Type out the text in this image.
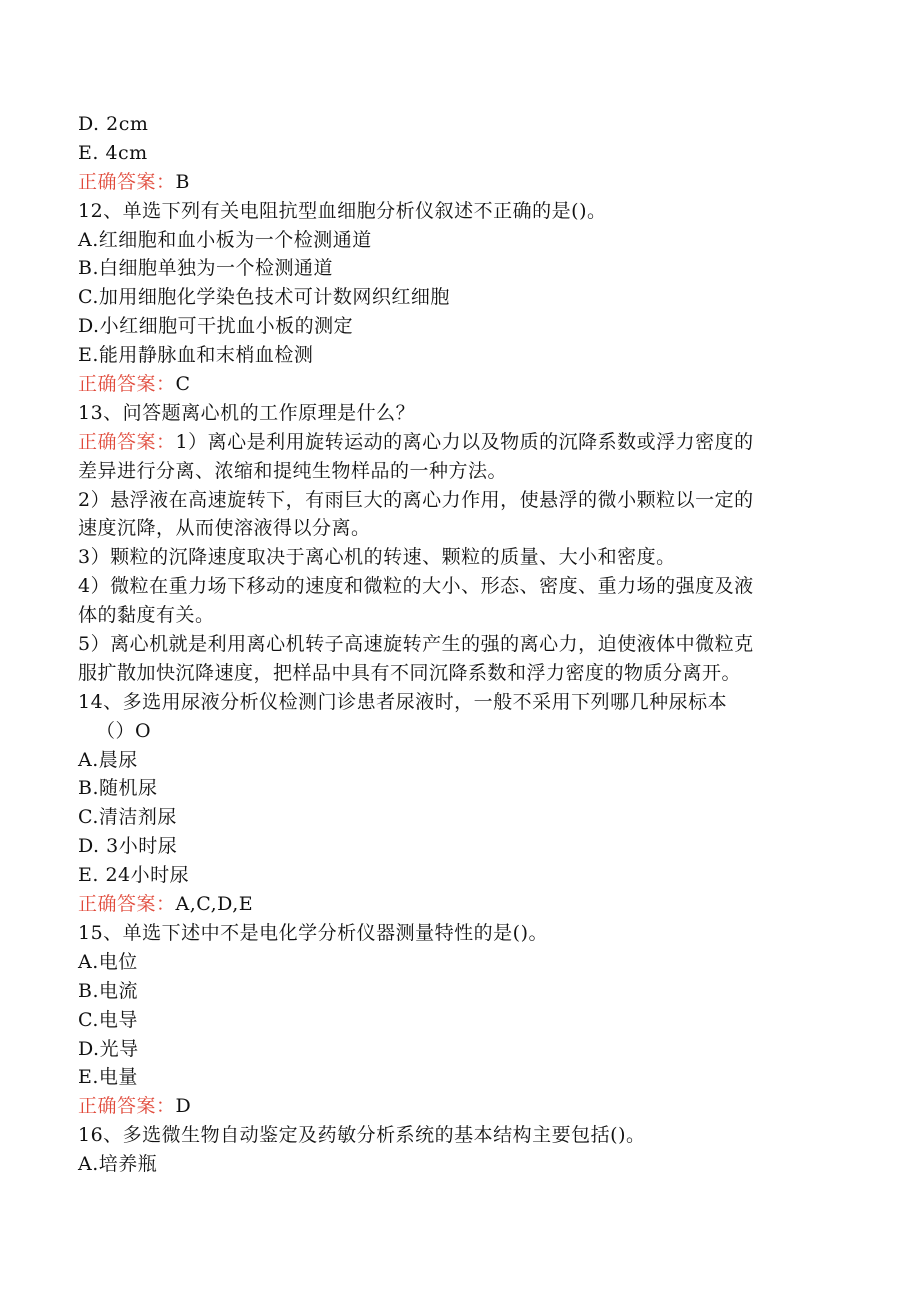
D. 2cm
E. 4cm
正确答案：B
12、单选下列有关电阻抗型血细胞分析仪叙述不正确的是()。
A.红细胞和血小板为一个检测通道
B.白细胞单独为一个检测通道
C.加用细胞化学染色技术可计数网织红细胞
D.小红细胞可干扰血小板的测定
E.能用静脉血和末梢血检测
正确答案：C
13、问答题离心机的工作原理是什么？
正确答案：1）离心是利用旋转运动的离心力以及物质的沉降系数或浮力密度的
差异进行分离、浓缩和提纯生物样品的一种方法。
2）悬浮液在高速旋转下，有雨巨大的离心力作用，使悬浮的微小颗粒以一定的
速度沉降，从而使溶液得以分离。
3）颗粒的沉降速度取决于离心机的转速、颗粒的质量、大小和密度。
4）微粒在重力场下移动的速度和微粒的大小、形态、密度、重力场的强度及液
体的黏度有关。
5）离心机就是利用离心机转子高速旋转产生的强的离心力，迫使液体中微粒克
服扩散加快沉降速度，把样品中具有不同沉降系数和浮力密度的物质分离开。
14、多选用尿液分析仪检测门诊患者尿液时，一般不采用下列哪几种尿标本
（）O
A.晨尿
B.随机尿
C.清洁剂尿
D. 3小时尿
E. 24小时尿
正确答案：A,C,D,E
15、单选下述中不是电化学分析仪器测量特性的是()。
A.电位
B.电流
C.电导
D.光导
E.电量
正确答案：D
16、多选微生物自动鉴定及药敏分析系统的基本结构主要包括()。
A.培养瓶
